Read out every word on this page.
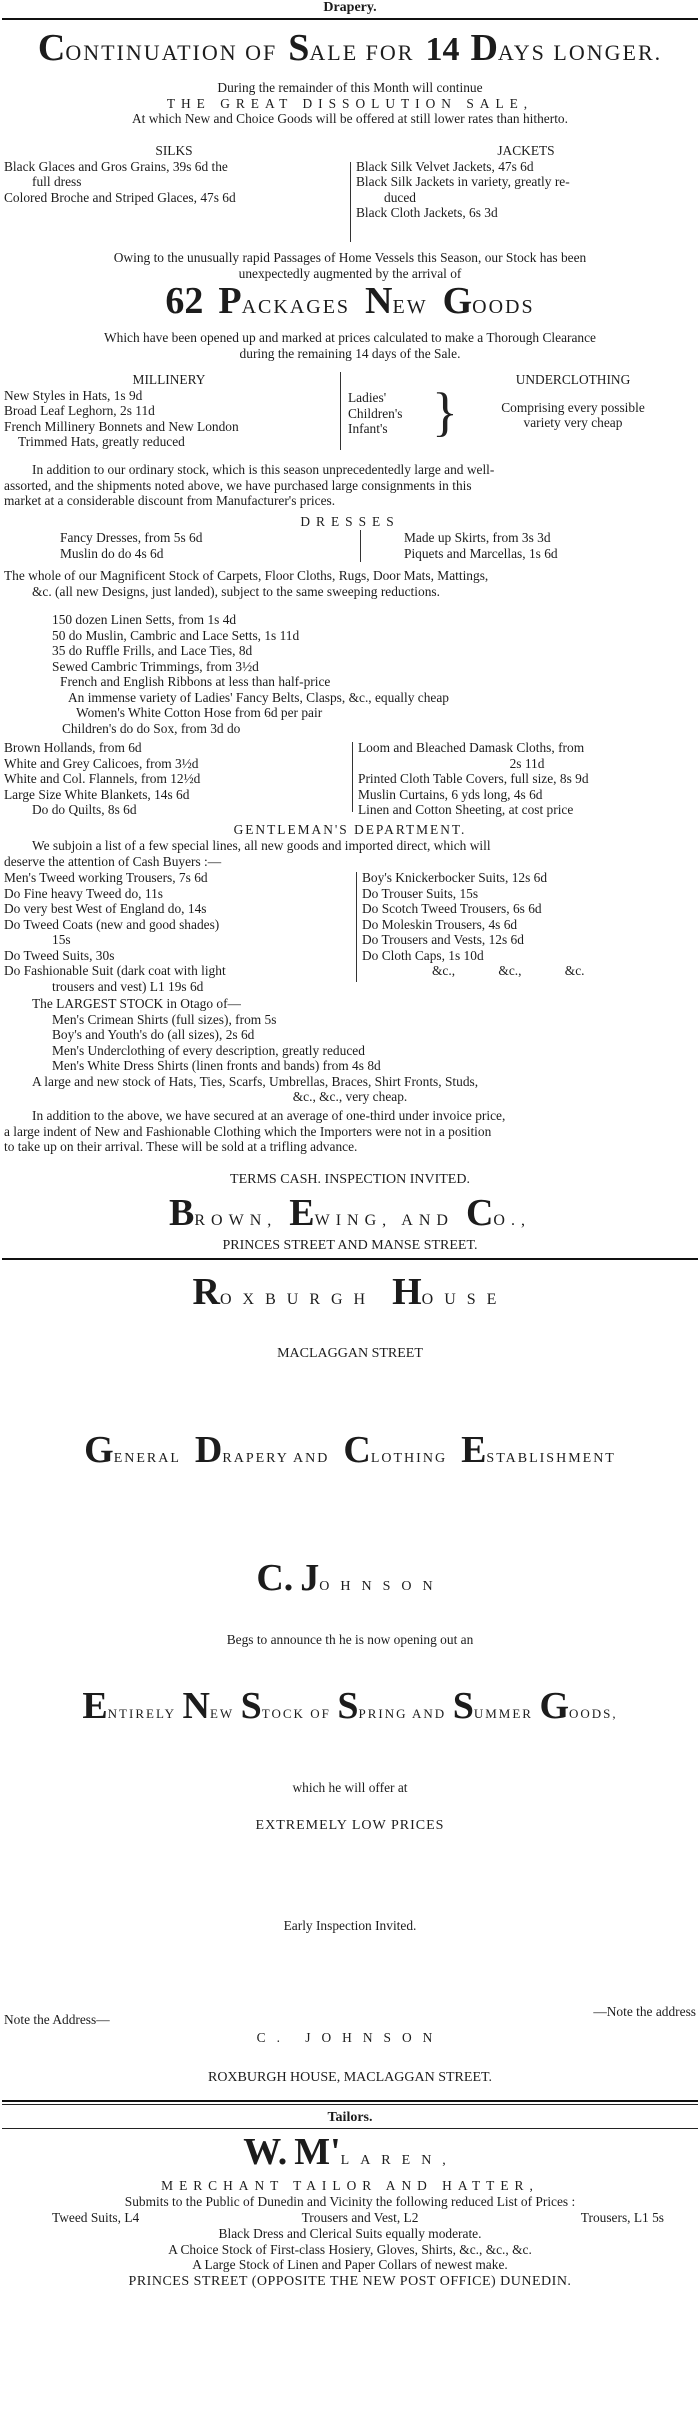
Drapery.
CONTINUATION OF SALE FOR 14 DAYS LONGER.
During the remainder of this Month will continue
THE GREAT DISSOLUTION SALE,
At which New and Choice Goods will be offered at still lower rates than hitherto.
SILKS
Black Glaces and Gros Grains, 39s 6d the
full dress
Colored Broche and Striped Glaces, 47s 6d
JACKETS
Black Silk Velvet Jackets, 47s 6d
Black Silk Jackets in variety, greatly re-
duced
Black Cloth Jackets, 6s 3d
Owing to the unusually rapid Passages of Home Vessels this Season, our Stock has been
unexpectedly augmented by the arrival of
62 PACKAGES NEW GOODS
Which have been opened up and marked at prices calculated to make a Thorough Clearance
during the remaining 14 days of the Sale.
MILLINERY
New Styles in Hats, 1s 9d
Broad Leaf Leghorn, 2s 11d
French Millinery Bonnets and New London
Trimmed Hats, greatly reduced
Ladies'
Children's
Infant's }
UNDERCLOTHING
Comprising every possible
variety very cheap
In addition to our ordinary stock, which is this season unprecedentedly large and well-
assorted, and the shipments noted above, we have purchased large consignments in this
market at a considerable discount from Manufacturer's prices.
DRESSES
Fancy Dresses, from 5s 6d
Muslin do do 4s 6d
Made up Skirts, from 3s 3d
Piquets and Marcellas, 1s 6d
The whole of our Magnificent Stock of Carpets, Floor Cloths, Rugs, Door Mats, Mattings,
&c. (all new Designs, just landed), subject to the same sweeping reductions.
150 dozen Linen Setts, from 1s 4d
50 do Muslin, Cambric and Lace Setts, 1s 11d
35 do Ruffle Frills, and Lace Ties, 8d
Sewed Cambric Trimmings, from 3½d
French and English Ribbons at less than half-price
An immense variety of Ladies' Fancy Belts, Clasps, &c., equally cheap
Women's White Cotton Hose from 6d per pair
Children's do do Sox, from 3d do
Brown Hollands, from 6d
White and Grey Calicoes, from 3½d
White and Col. Flannels, from 12½d
Large Size White Blankets, 14s 6d
Do do Quilts, 8s 6d
Loom and Bleached Damask Cloths, from
2s 11d
Printed Cloth Table Covers, full size, 8s 9d
Muslin Curtains, 6 yds long, 4s 6d
Linen and Cotton Sheeting, at cost price
GENTLEMAN'S DEPARTMENT.
We subjoin a list of a few special lines, all new goods and imported direct, which will
deserve the attention of Cash Buyers :—
Men's Tweed working Trousers, 7s 6d
Do Fine heavy Tweed do, 11s
Do very best West of England do, 14s
Do Tweed Coats (new and good shades)
15s
Do Tweed Suits, 30s
Do Fashionable Suit (dark coat with light
trousers and vest) L1 19s 6d
Boy's Knickerbocker Suits, 12s 6d
Do Trouser Suits, 15s
Do Scotch Tweed Trousers, 6s 6d
Do Moleskin Trousers, 4s 6d
Do Trousers and Vests, 12s 6d
Do Cloth Caps, 1s 10d
&c., &c., &c.
The LARGEST STOCK in Otago of—
Men's Crimean Shirts (full sizes), from 5s
Boy's and Youth's do (all sizes), 2s 6d
Men's Underclothing of every description, greatly reduced
Men's White Dress Shirts (linen fronts and bands) from 4s 8d
A large and new stock of Hats, Ties, Scarfs, Umbrellas, Braces, Shirt Fronts, Studs,
&c., &c., very cheap.
In addition to the above, we have secured at an average of one-third under invoice price,
a large indent of New and Fashionable Clothing which the Importers were not in a position
to take up on their arrival. These will be sold at a trifling advance.
TERMS CASH. INSPECTION INVITED.
BROWN, EWING, AND CO.,
PRINCES STREET AND MANSE STREET.
ROXBURGH HOUSE
MACLAGGAN STREET
GENERAL DRAPERY AND CLOTHING ESTABLISHMENT
C. JOHNSON
Begs to announce th he is now opening out an
ENTIRELY NEW STOCK OF SPRING AND SUMMER GOODS,
which he will offer at
EXTREMELY LOW PRICES
Early Inspection Invited.
Note the Address—
—Note the address
C. JOHNSON
ROXBURGH HOUSE, MACLAGGAN STREET.
Tailors.
W. M'LAREN,
MERCHANT TAILOR AND HATTER,
Submits to the Public of Dunedin and Vicinity the following reduced List of Prices :
Tweed Suits, L4	Trousers and Vest, L2	Trousers, L1 5s
Black Dress and Clerical Suits equally moderate.
A Choice Stock of First-class Hosiery, Gloves, Shirts, &c., &c., &c.
A Large Stock of Linen and Paper Collars of newest make.
PRINCES STREET (OPPOSITE THE NEW POST OFFICE) DUNEDIN.
